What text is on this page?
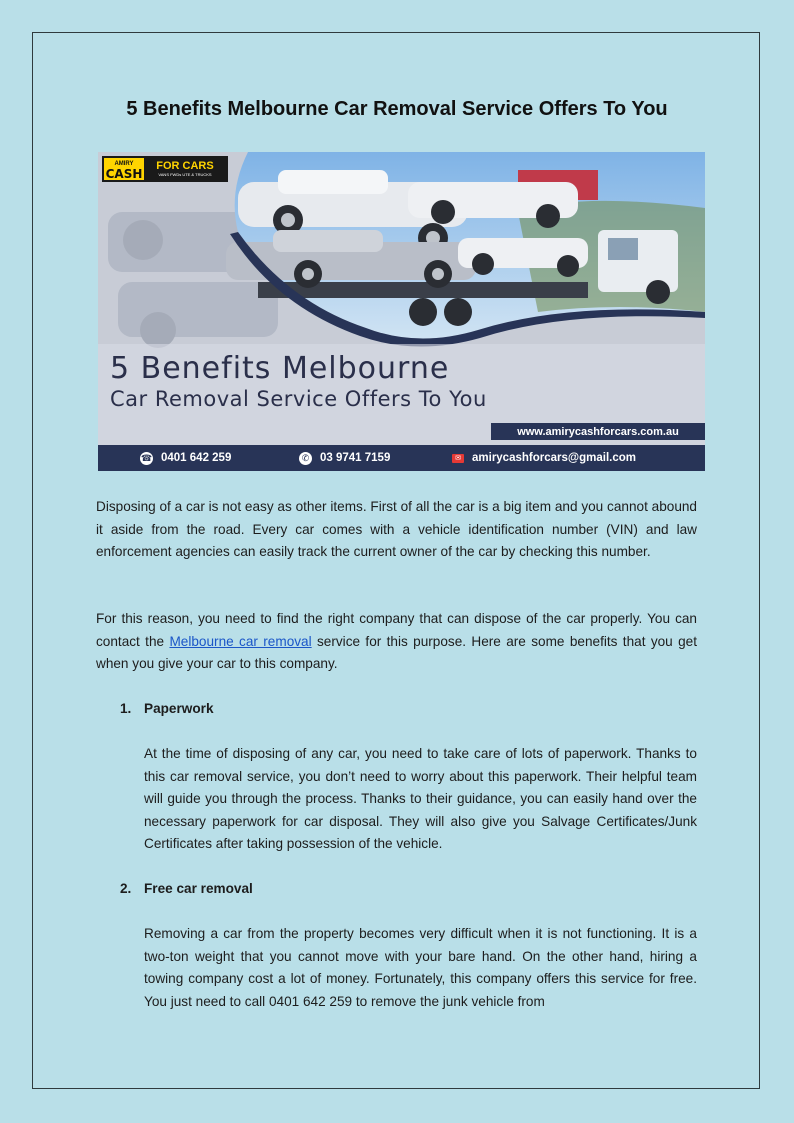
5 Benefits Melbourne Car Removal Service Offers To You
AMIRY
CASH
FOR CARS
VANS FWDs UTE & TRUCKS
5 Benefits Melbourne
Car Removal Service Offers To You
www.amirycashforcars.com.au
☎ 0401 642 259	✆ 03 9741 7159	✉ amirycashforcars@gmail.com

Disposing of a car is not easy as other items. First of all the car is a big item and you cannot abound it aside from the road. Every car comes with a vehicle identification number (VIN) and law enforcement agencies can easily track the current owner of the car by checking this number.

For this reason, you need to find the right company that can dispose of the car properly. You can contact the Melbourne car removal service for this purpose. Here are some benefits that you get when you give your car to this company.

1. Paperwork

At the time of disposing of any car, you need to take care of lots of paperwork. Thanks to this car removal service, you don’t need to worry about this paperwork. Their helpful team will guide you through the process. Thanks to their guidance, you can easily hand over the necessary paperwork for car disposal. They will also give you Salvage Certificates/Junk Certificates after taking possession of the vehicle.

2. Free car removal

Removing a car from the property becomes very difficult when it is not functioning. It is a two-ton weight that you cannot move with your bare hand. On the other hand, hiring a towing company cost a lot of money. Fortunately, this company offers this service for free. You just need to call 0401 642 259 to remove the junk vehicle from
